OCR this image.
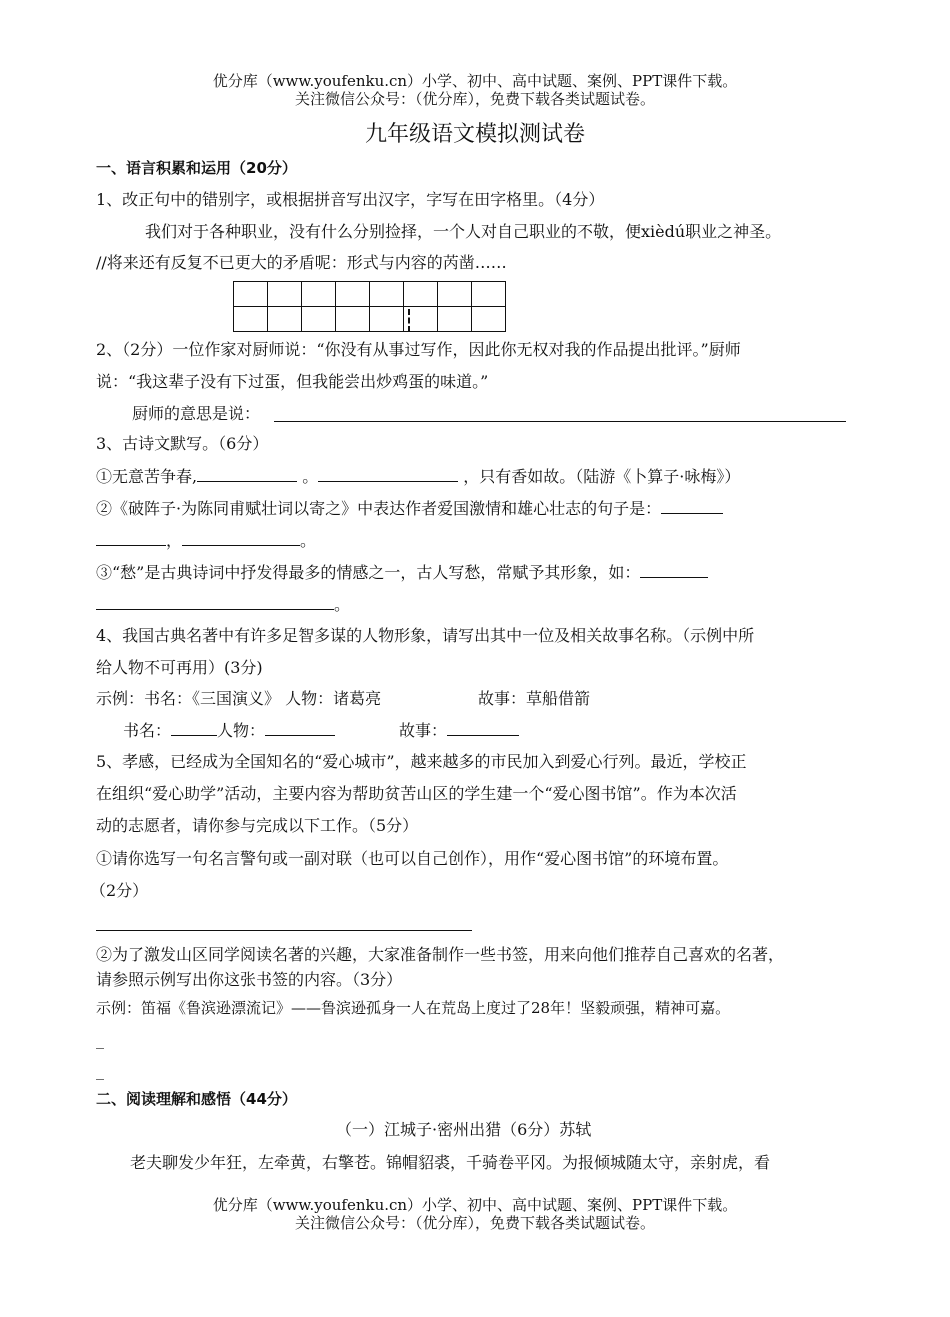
优分库（www.youfenku.cn）小学、初中、高中试题、案例、PPT课件下载。
关注微信公众号：（优分库），免费下载各类试题试卷。
九年级语文模拟测试卷
一、语言积累和运用（20分）
1、改正句中的错别字，或根据拼音写出汉字，字写在田字格里。（4分）
我们对于各种职业，没有什么分别捡择，一个人对自己职业的不敬，便xièdú职业之神圣。
//将来还有反复不已更大的矛盾呢：形式与内容的芮凿……

2、（2分）一位作家对厨师说：“你没有从事过写作，因此你无权对我的作品提出批评。”厨师
说：“我这辈子没有下过蛋，但我能尝出炒鸡蛋的味道。”
厨师的意思是说：
3、古诗文默写。（6分）
①无意苦争春,	。	，只有香如故。（陆游《卜算子·咏梅》）
②《破阵子·为陈同甫赋壮词以寄之》中表达作者爱国激情和雄心壮志的句子是：
，	。
③“愁”是古典诗词中抒发得最多的情感之一，古人写愁，常赋予其形象，如：
。
4、我国古典名著中有许多足智多谋的人物形象，请写出其中一位及相关故事名称。（示例中所
给人物不可再用）(3分)
示例：书名：《三国演义》 人物：诸葛亮	故事：草船借箭
书名：	人物：	故事：
5、孝感，已经成为全国知名的“爱心城市”，越来越多的市民加入到爱心行列。最近，学校正
在组织“爱心助学”活动，主要内容为帮助贫苦山区的学生建一个“爱心图书馆”。作为本次活
动的志愿者，请你参与完成以下工作。（5分）
①请你选写一句名言警句或一副对联（也可以自己创作），用作“爱心图书馆”的环境布置。
（2分）
②为了激发山区同学阅读名著的兴趣，大家准备制作一些书签，用来向他们推荐自己喜欢的名著，
请参照示例写出你这张书签的内容。（3分）
示例：笛福《鲁滨逊漂流记》——鲁滨逊孤身一人在荒岛上度过了28年！坚毅顽强，精神可嘉。
_
_
二、阅读理解和感悟（44分）
（一）江城子·密州出猎（6分）苏轼
老夫聊发少年狂，左牵黄，右擎苍。锦帽貂裘，千骑卷平冈。为报倾城随太守，亲射虎，看
优分库（www.youfenku.cn）小学、初中、高中试题、案例、PPT课件下载。
关注微信公众号：（优分库），免费下载各类试题试卷。
